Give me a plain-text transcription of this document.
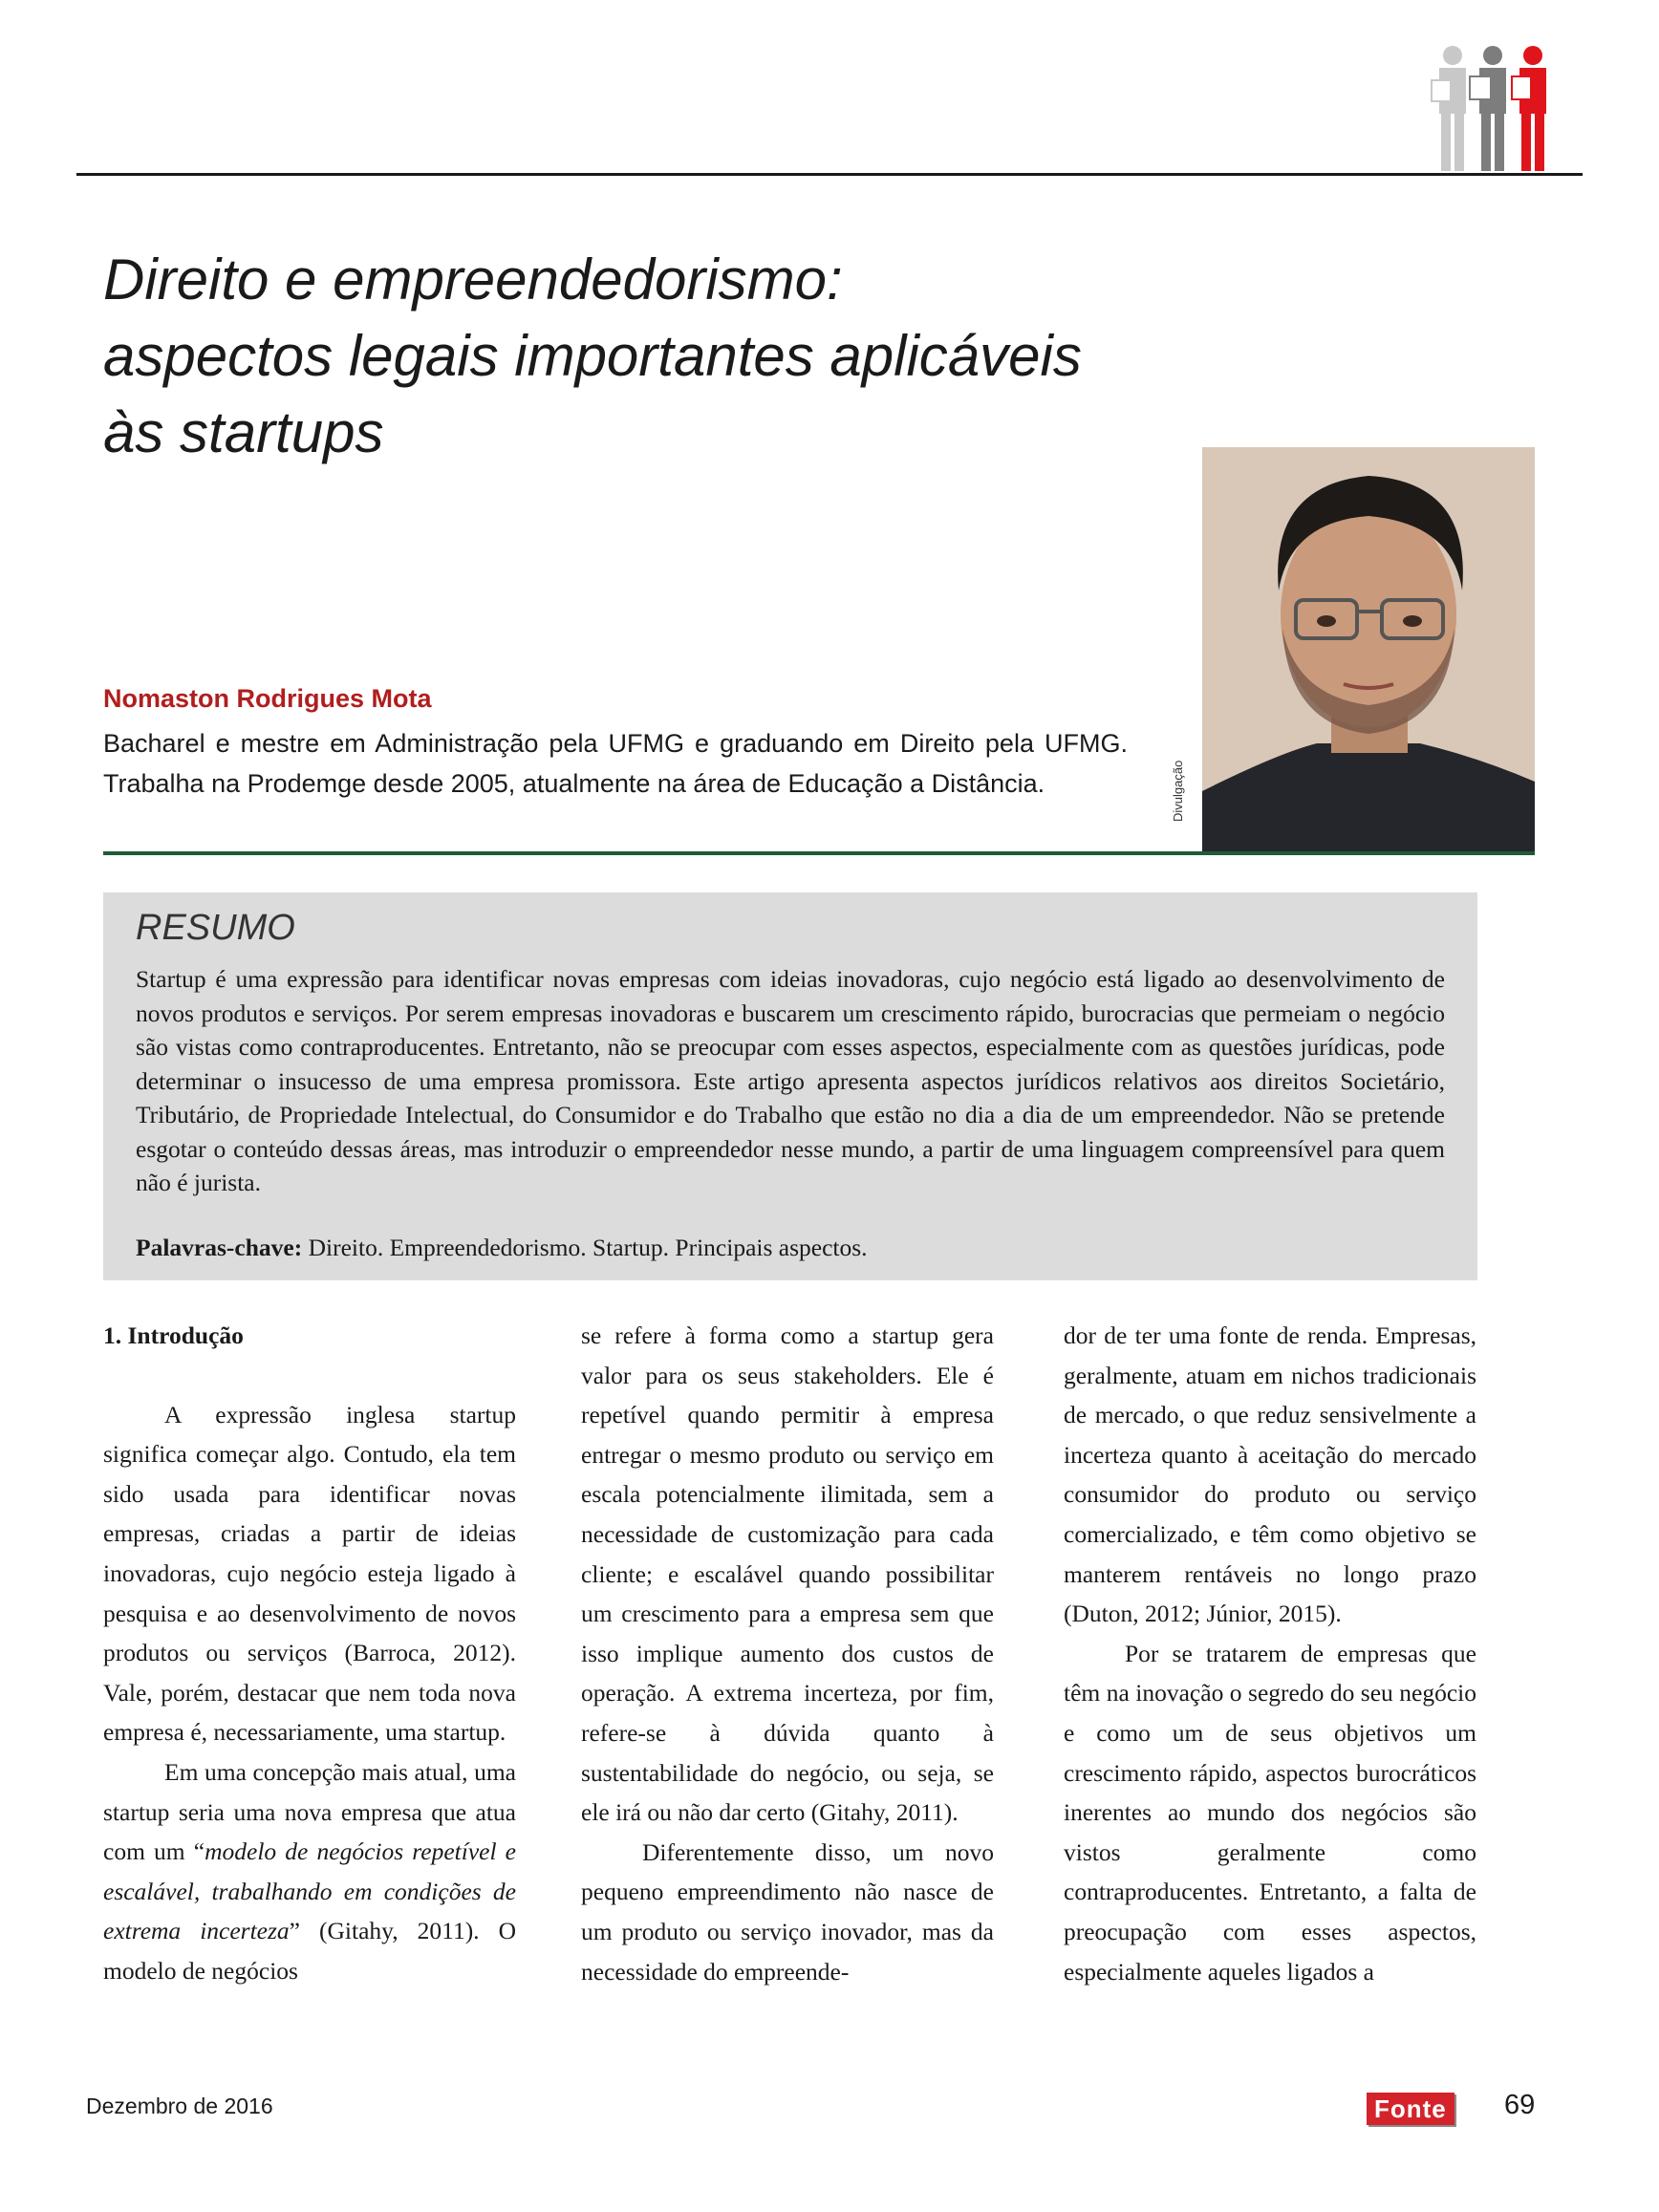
Direito e empreendedorismo:
aspectos legais importantes aplicáveis
às startups
Nomaston Rodrigues Mota
Bacharel e mestre em Administração pela UFMG e graduando em Direito pela UFMG. Trabalha na Prodemge desde 2005, atualmente na área de Educação a Distância.	Divulgação
RESUMO
Startup é uma expressão para identificar novas empresas com ideias inovadoras, cujo negócio está ligado ao desenvolvimento de novos produtos e serviços. Por serem empresas inovadoras e buscarem um crescimento rápido, burocracias que permeiam o negócio são vistas como contraproducentes. Entretanto, não se preocupar com esses aspectos, especialmente com as questões jurídicas, pode determinar o insucesso de uma empresa promissora. Este artigo apresenta aspectos jurídicos relativos aos direitos Societário, Tributário, de Propriedade Intelectual, do Consumidor e do Trabalho que estão no dia a dia de um empreendedor. Não se pretende esgotar o conteúdo dessas áreas, mas introduzir o empreendedor nesse mundo, a partir de uma linguagem compreensível para quem não é jurista.
Palavras-chave: Direito. Empreendedorismo. Startup. Principais aspectos.

1. Introdução

A expressão inglesa startup significa começar algo. Contudo, ela tem sido usada para identificar novas empresas, criadas a partir de ideias inovadoras, cujo negócio esteja ligado à pesquisa e ao desenvolvimento de novos produtos ou serviços (Barroca, 2012). Vale, porém, destacar que nem toda nova empresa é, necessariamente, uma startup.

Em uma concepção mais atual, uma startup seria uma nova empresa que atua com um “modelo de negócios repetível e escalável, trabalhando em condições de extrema incerteza” (Gitahy, 2011). O modelo de negócios

se refere à forma como a startup gera valor para os seus stakeholders. Ele é repetível quando permitir à empresa entregar o mesmo produto ou serviço em escala potencialmente ilimitada, sem a necessidade de customização para cada cliente; e escalável quando possibilitar um crescimento para a empresa sem que isso implique aumento dos custos de operação. A extrema incerteza, por fim, refere-se à dúvida quanto à sustentabilidade do negócio, ou seja, se ele irá ou não dar certo (Gitahy, 2011).

Diferentemente disso, um novo pequeno empreendimento não nasce de um produto ou serviço inovador, mas da necessidade do empreende-

dor de ter uma fonte de renda. Empresas, geralmente, atuam em nichos tradicionais de mercado, o que reduz sensivelmente a incerteza quanto à aceitação do mercado consumidor do produto ou serviço comercializado, e têm como objetivo se manterem rentáveis no longo prazo (Duton, 2012; Júnior, 2015).

Por se tratarem de empresas que têm na inovação o segredo do seu negócio e como um de seus objetivos um crescimento rápido, aspectos burocráticos inerentes ao mundo dos negócios são vistos geralmente como contraproducentes. Entretanto, a falta de preocupação com esses aspectos, especialmente aqueles ligados a

Dezembro de 2016	Fonte 69
